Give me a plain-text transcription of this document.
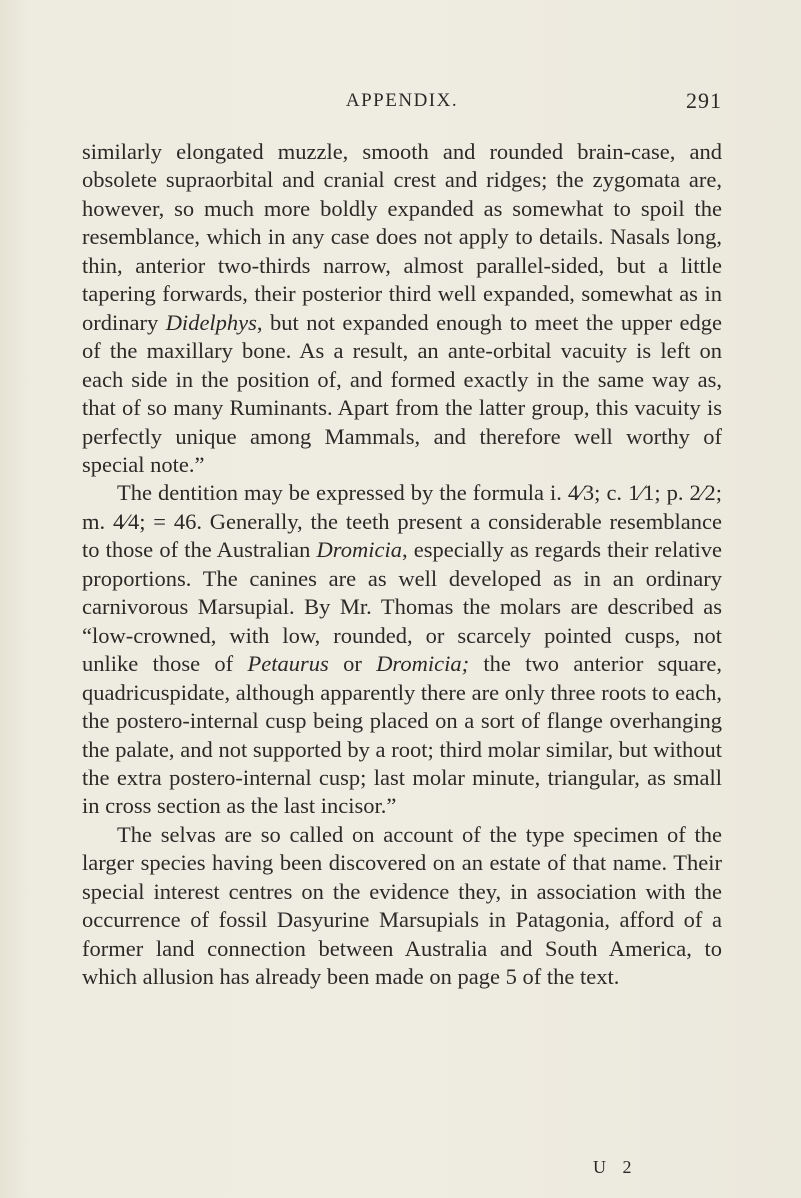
APPENDIX.	291

similarly elongated muzzle, smooth and rounded brain-case, and obsolete supraorbital and cranial crest and ridges; the zygomata are, however, so much more boldly expanded as somewhat to spoil the resemblance, which in any case does not apply to details. Nasals long, thin, anterior two-thirds narrow, almost parallel-sided, but a little tapering forwards, their posterior third well expanded, somewhat as in ordinary Didelphys, but not expanded enough to meet the upper edge of the maxillary bone. As a result, an ante-orbital vacuity is left on each side in the position of, and formed exactly in the same way as, that of so many Ruminants. Apart from the latter group, this vacuity is perfectly unique among Mammals, and therefore well worthy of special note.”

The dentition may be expressed by the formula i. 4⁄3; c. 1⁄1; p. 2⁄2; m. 4⁄4; = 46. Generally, the teeth present a considerable resemblance to those of the Australian Dromicia, especially as regards their relative proportions. The canines are as well developed as in an ordinary carnivorous Marsupial. By Mr. Thomas the molars are described as “low-crowned, with low, rounded, or scarcely pointed cusps, not unlike those of Petaurus or Dromicia; the two anterior square, quadricuspidate, although apparently there are only three roots to each, the postero-internal cusp being placed on a sort of flange overhanging the palate, and not supported by a root; third molar similar, but without the extra postero-internal cusp; last molar minute, triangular, as small in cross section as the last incisor.”

The selvas are so called on account of the type specimen of the larger species having been discovered on an estate of that name. Their special interest centres on the evidence they, in association with the occurrence of fossil Dasyurine Marsupials in Patagonia, afford of a former land connection between Australia and South America, to which allusion has already been made on page 5 of the text.

U 2
